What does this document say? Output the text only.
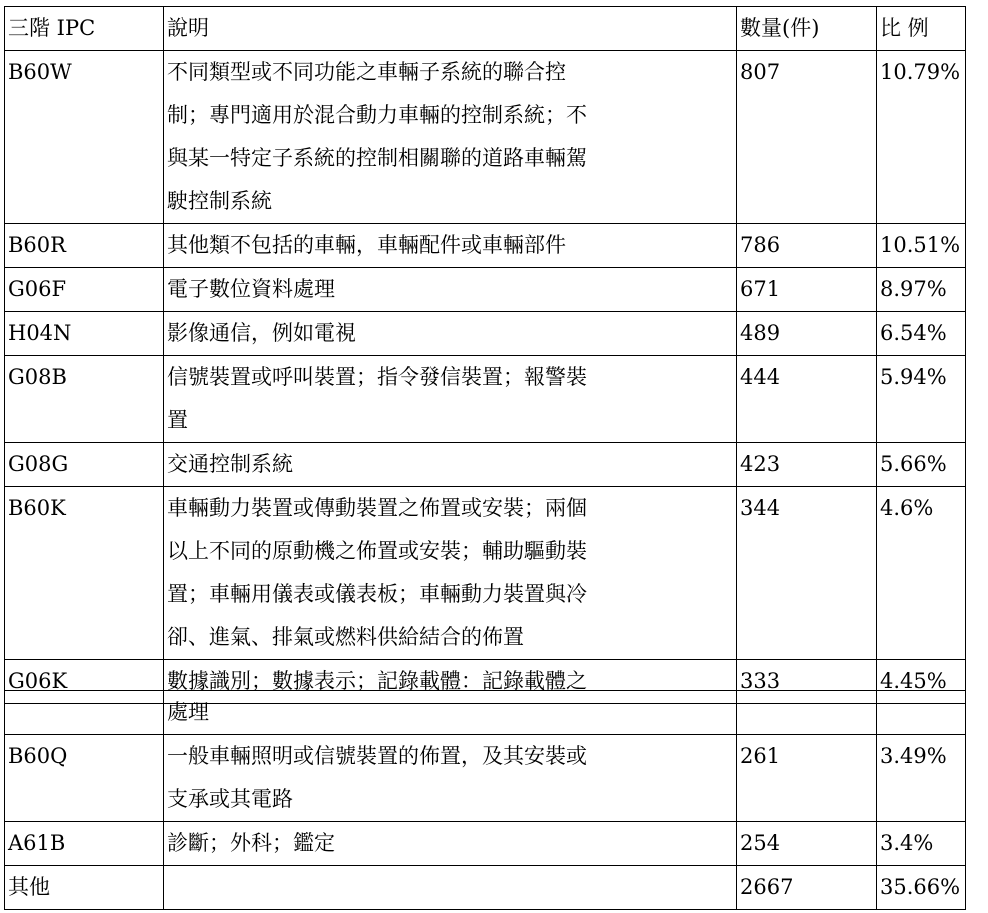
三階 IPC	說明	數量(件)	比 例
B60W	不同類型或不同功能之車輛子系統的聯合控
制；專門適用於混合動力車輛的控制系統；不
與某一特定子系統的控制相關聯的道路車輛駕
駛控制系統	807	10.79%
B60R	其他類不包括的車輛，車輛配件或車輛部件	786	10.51%
G06F	電子數位資料處理	671	8.97%
H04N	影像通信，例如電視	489	6.54%
G08B	信號裝置或呼叫裝置；指令發信裝置；報警裝
置	444	5.94%
G08G	交通控制系統	423	5.66%
B60K	車輛動力裝置或傳動裝置之佈置或安裝；兩個
以上不同的原動機之佈置或安裝；輔助驅動裝
置；車輛用儀表或儀表板；車輛動力裝置與冷
卻、進氣、排氣或燃料供給結合的佈置	344	4.6%
G06K	數據識別；數據表示；記錄載體：記錄載體之	333	4.45%

	處理		

B60Q	一般車輛照明或信號裝置的佈置，及其安裝或
支承或其電路	261	3.49%
A61B	診斷；外科；鑑定	254	3.4%
其他		2667	35.66%
